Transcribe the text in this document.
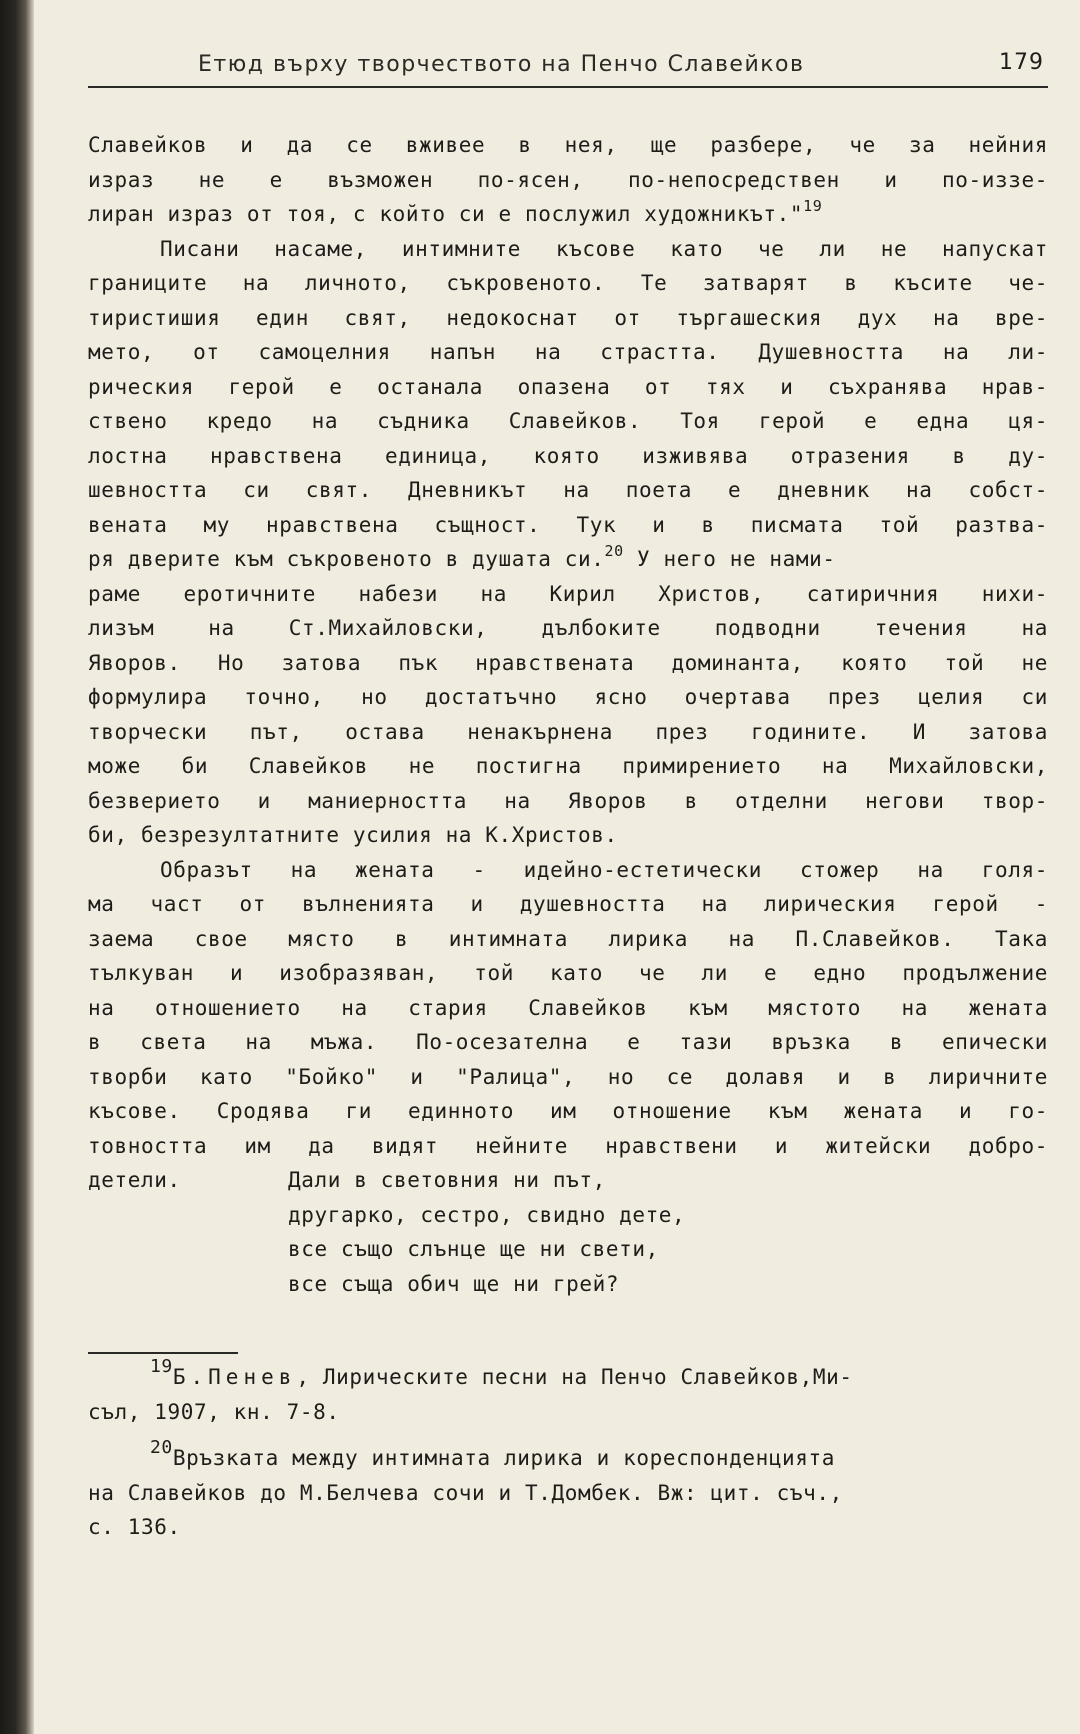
Етюд върху творчеството на Пенчо Славейков	179
Славейков и да се вживее в нея, ще разбере, че за нейния
израз не е възможен по-ясен, по-непосредствен и по-иззе-
лиран израз от тоя, с който си е послужил художникът."$^{19}$
Писани насаме, интимните късове като че ли не напускат
границите на личното, съкровеното. Те затварят в късите че-
тиристишия един свят, недокоснат от търгашеския дух на вре-
мето, от самоцелния напън на страстта. Душевността на ли-
рическия герой е останала опазена от тях и съхранява нрав-
ствено кредо на съдника Славейков. Тоя герой е една ця-
лостна нравствена единица, която изживява отразения в ду-
шевността си свят. Дневникът на поета е дневник на собст-
вената му нравствена същност. Тук и в писмата той разтва-
ря дверите към съкровеното в душата си.$^{20}$ У него не нами-
раме еротичните набези на Кирил Христов, сатиричния нихи-
лизъм на Ст.Михайловски, дълбоките подводни течения на
Яворов. Но затова пък нравствената доминанта, която той не
формулира точно, но достатъчно ясно очертава през целия си
творчески път, остава ненакърнена през годините. И затова
може би Славейков не постигна примирението на Михайловски,
безверието и маниерността на Яворов в отделни негови твор-
би, безрезултатните усилия на К.Христов.
Образът на жената - идейно-естетически стожер на голя-
ма част от вълненията и душевността на лирическия герой -
заема свое място в интимната лирика на П.Славейков. Така
тълкуван и изобразяван, той като че ли е едно продължение
на отношението на стария Славейков към мястото на жената
в света на мъжа. По-осезателна е тази връзка в епически
творби като "Бойко" и "Ралица", но се долавя и в лиричните
късове. Сродява ги единното им отношение към жената и го-
товността им да видят нейните нравствени и житейски добро-
детели.	Дали в световния ни път,
другарко, сестро, свидно дете,
все също слънце ще ни свети,
все съща обич ще ни грей?
$^{19}$Б.Пенев, Лирическите песни на Пенчо Славейков,Ми-
съл, 1907, кн. 7-8.
$^{20}$Връзката между интимната лирика и кореспонденцията
на Славейков до М.Белчева сочи и Т.Домбек. Вж: цит. съч.,
с. 136.
